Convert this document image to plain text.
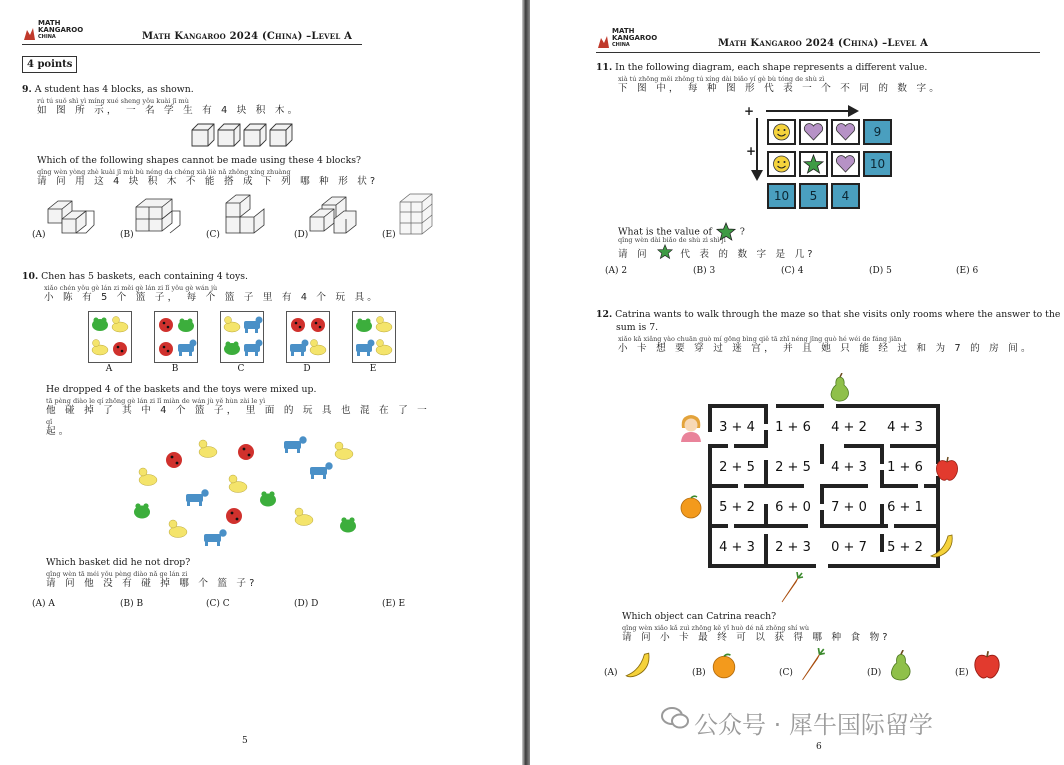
MATH
KANGAROO
CHINA	Math Kangaroo 2024 (China) –Level A
4 points
9. A student has 4 blocks, as shown.
rú tú suǒ shì yì míng xué sheng yǒu kuài jī mù
如 图 所 示， 一 名 学 生 有 4 块 积 木。
Which of the following shapes cannot be made using these 4 blocks?
qǐng wèn yòng zhè kuài jī mù bù néng da chéng xià liè nǎ zhǒng xíng zhuàng
请 问 用 这 4 块 积 木 不 能 搭 成 下 列 哪 种 形 状?
(A)	(B)	(C)	(D)	(E)
10. Chen has 5 baskets, each containing 4 toys.
xiǎo chén yǒu gè lán zi měi gè lán zi lǐ yǒu gè wán jù
小 陈 有 5 个 篮 子， 每 个 篮 子 里 有 4 个 玩 具。
A	B	C	D	E
He dropped 4 of the baskets and the toys were mixed up.
tā pèng diào le qí zhōng gè lán zi lǐ miàn de wán jù yě hùn zài le yì
他 碰 掉 了 其 中 4 个 篮 子， 里 面 的 玩 具 也 混 在 了 一
qǐ
起。
Which basket did he not drop?
qǐng wèn tā méi yǒu pèng diào nǎ ge lán zi
请 问 他 没 有 碰 掉 哪 个 篮 子?
(A) A	(B) B	(C) C	(D) D	(E) E
5
MATH
KANGAROO
CHINA	Math Kangaroo 2024 (China) –Level A
11. In the following diagram, each shape represents a different value.
xià tú zhōng měi zhǒng tú xíng dài biǎo yí gè bù tóng de shù zì
下 图 中， 每 种 图 形 代 表 一 个 不 同 的 数 字。
+
+
9
10
10	5	4
What is the value of	?
qǐng wèn dài biǎo de shù zì shì jǐ
请 问	代 表 的 数 字 是 几?
(A) 2	(B) 3	(C) 4	(D) 5	(E) 6
12. Catrina wants to walk through the maze so that she visits only rooms where the answer to the
sum is 7.
xiǎo kǎ xiǎng yào chuān guò mí gōng bìng qiě tā zhǐ néng jīng guò hé wéi de fáng jiān
小 卡 想 要 穿 过 迷 宫， 并 且 她 只 能 经 过 和 为 7 的 房 间。
3 + 4	1 + 6	4 + 2	4 + 3
2 + 5	2 + 5	4 + 3	1 + 6
5 + 2	6 + 0	7 + 0	6 + 1
4 + 3	2 + 3	0 + 7	5 + 2
Which object can Catrina reach?
qǐng wèn xiǎo kǎ zuì zhōng kě yǐ huò dé nǎ zhǒng shí wù
请 问 小 卡 最 终 可 以 获 得 哪 种 食 物?
(A)	(B)	(C)	(D)	(E)
6
公众号 · 犀牛国际留学
